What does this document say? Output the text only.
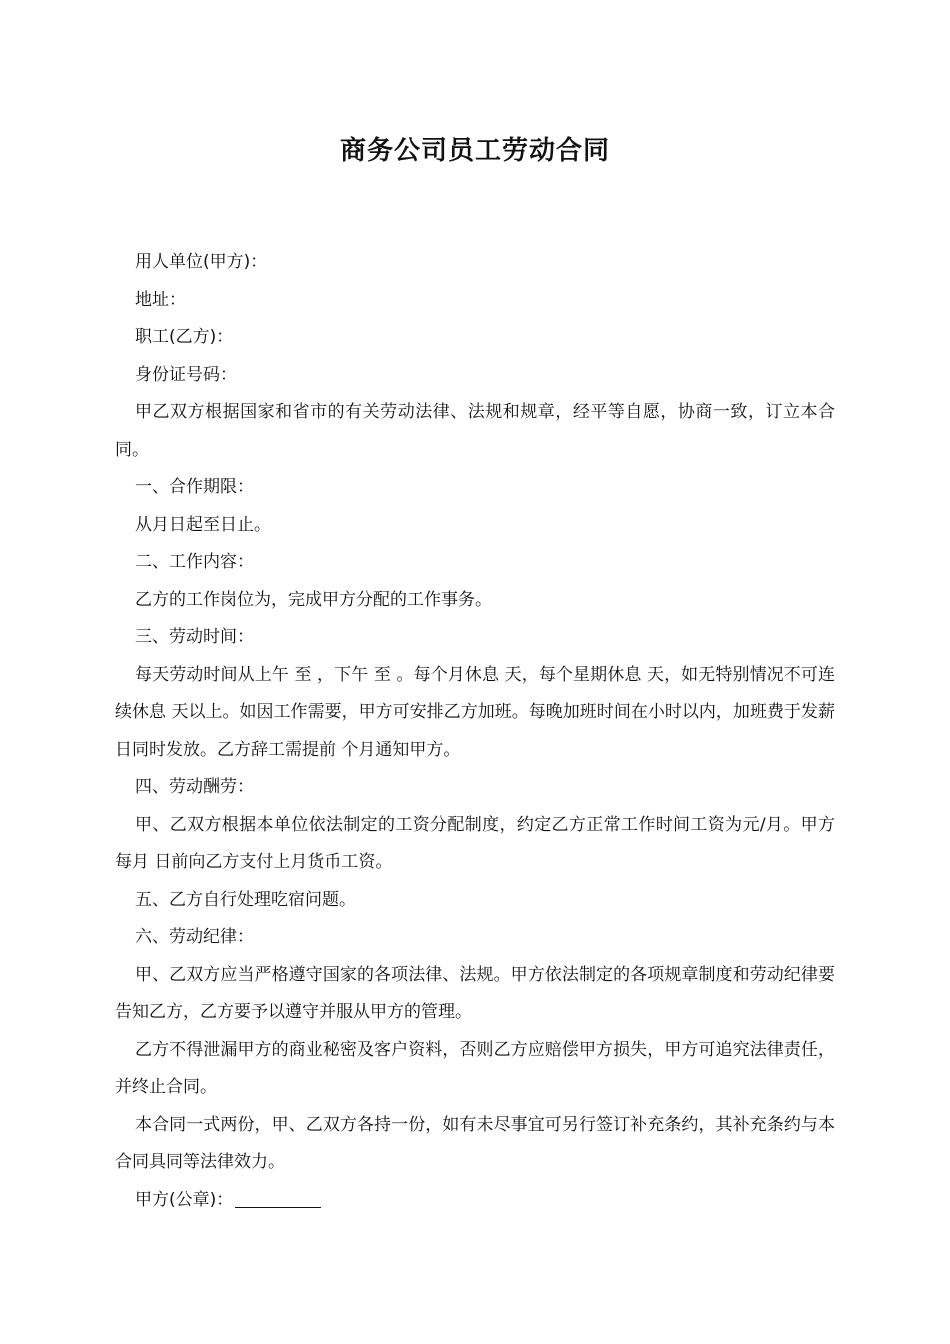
商务公司员工劳动合同

用人单位(甲方)：

地址：

职工(乙方)：

身份证号码：

甲乙双方根据国家和省市的有关劳动法律、法规和规章，经平等自愿，协商一致，订立本合同。

一、合作期限：

从月日起至日止。

二、工作内容：

乙方的工作岗位为，完成甲方分配的工作事务。

三、劳动时间：

每天劳动时间从上午 至 ，下午 至 。每个月休息 天，每个星期休息 天，如无特别情况不可连续休息 天以上。如因工作需要，甲方可安排乙方加班。每晚加班时间在小时以内，加班费于发薪日同时发放。乙方辞工需提前 个月通知甲方。

四、劳动酬劳：

甲、乙双方根据本单位依法制定的工资分配制度，约定乙方正常工作时间工资为元/月。甲方每月 日前向乙方支付上月货币工资。

五、乙方自行处理吃宿问题。

六、劳动纪律：

甲、乙双方应当严格遵守国家的各项法律、法规。甲方依法制定的各项规章制度和劳动纪律要告知乙方，乙方要予以遵守并服从甲方的管理。

乙方不得泄漏甲方的商业秘密及客户资料，否则乙方应赔偿甲方损失，甲方可追究法律责任，并终止合同。

本合同一式两份，甲、乙双方各持一份，如有未尽事宜可另行签订补充条约，其补充条约与本合同具同等法律效力。

甲方(公章)：
